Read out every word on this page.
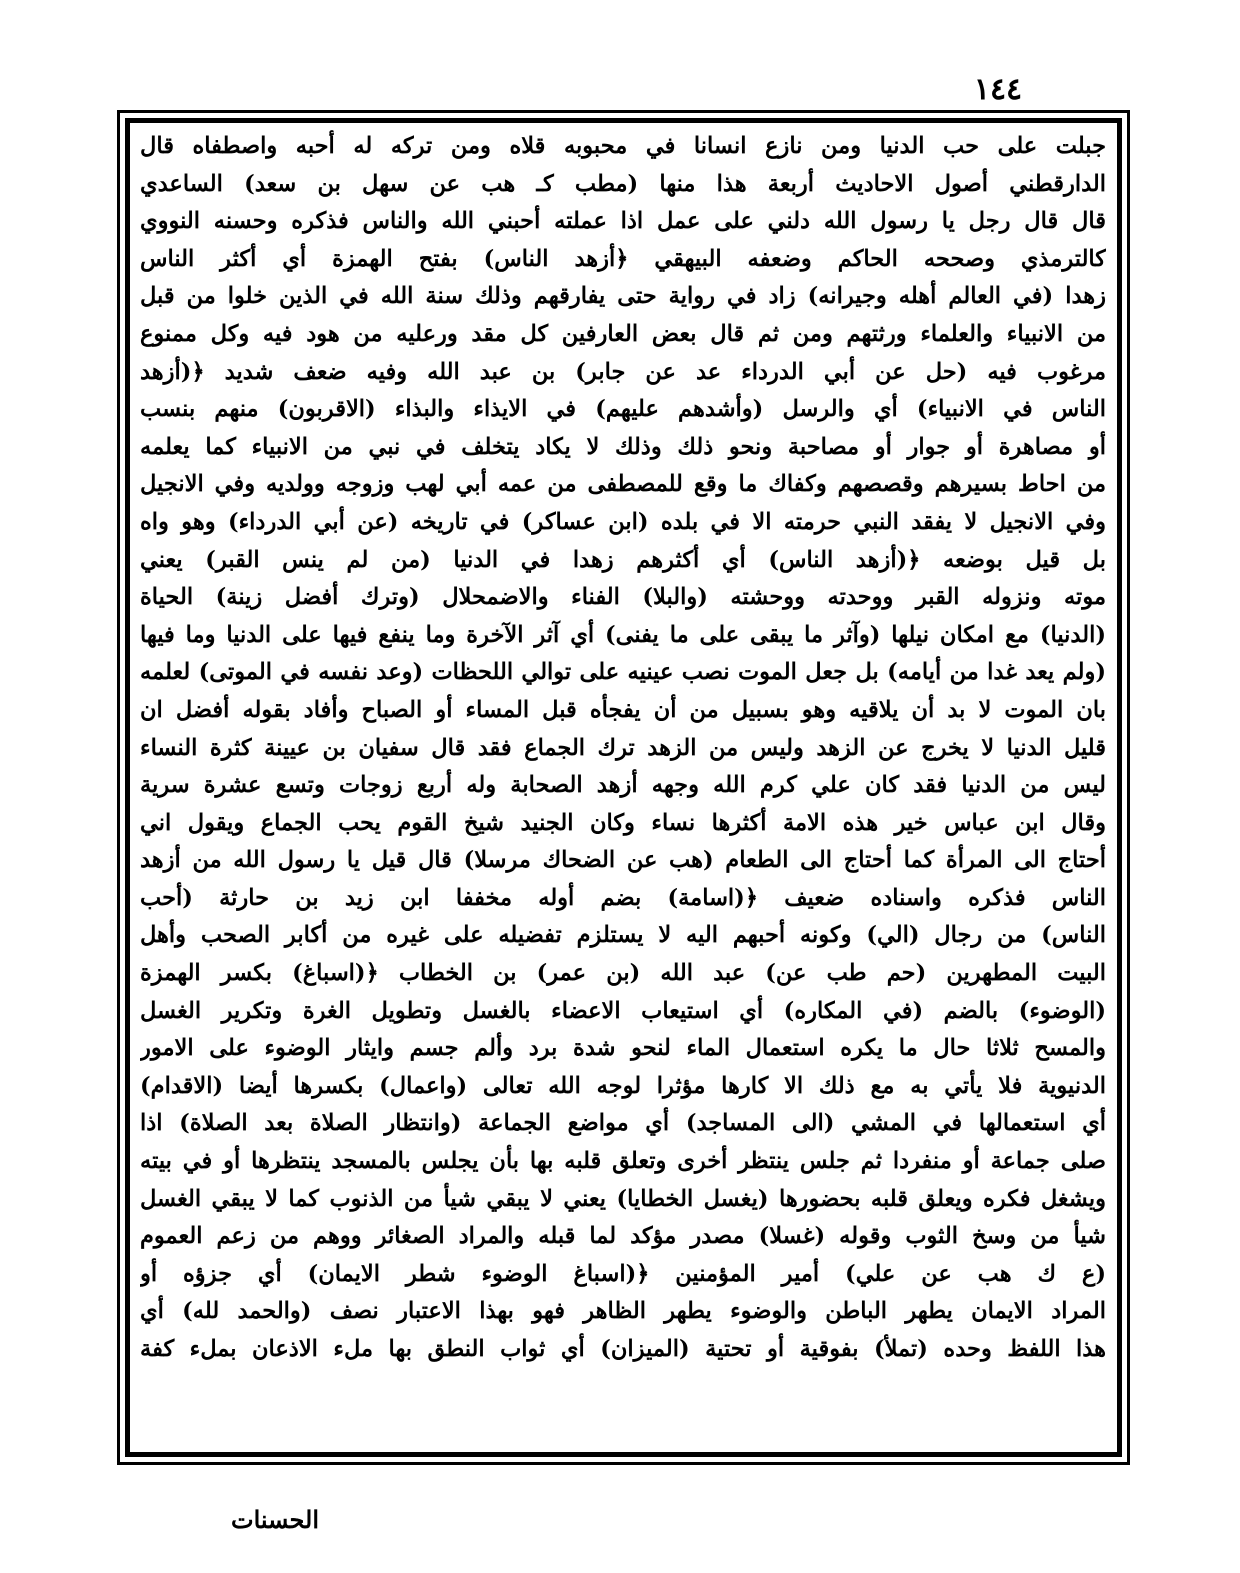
١٤٤
جبلت على حب الدنيا ومن نازع انسانا في محبوبه قلاه ومن تركه له أحبه واصطفاه قال
الدارقطني أصول الاحاديث أربعة هذا منها (مطب كـ هب عن سهل بن سعد) الساعدي
قال قال رجل يا رسول الله دلني على عمل اذا عملته أحبني الله والناس فذكره وحسنه النووي
كالترمذي وصححه الحاكم وضعفه البيهقي ﴿أزهد الناس) بفتح الهمزة أي أكثر الناس
زهدا (في العالم أهله وجيرانه) زاد في رواية حتى يفارقهم وذلك سنة الله في الذين خلوا من قبل
من الانبياء والعلماء ورثتهم ومن ثم قال بعض العارفين كل مقد ورعليه من هود فيه وكل ممنوع
مرغوب فيه (حل عن أبي الدرداء عد عن جابر) بن عبد الله وفيه ضعف شديد ﴿(أزهد
الناس في الانبياء) أي والرسل (وأشدهم عليهم) في الايذاء والبذاء (الاقربون) منهم بنسب
أو مصاهرة أو جوار أو مصاحبة ونحو ذلك وذلك لا يكاد يتخلف في نبي من الانبياء كما يعلمه
من احاط بسيرهم وقصصهم وكفاك ما وقع للمصطفى من عمه أبي لهب وزوجه وولديه وفي الانجيل
وفي الانجيل لا يفقد النبي حرمته الا في بلده (ابن عساكر) في تاريخه (عن أبي الدرداء) وهو واه
بل قيل بوضعه ﴿(أزهد الناس) أي أكثرهم زهدا في الدنيا (من لم ينس القبر) يعني
موته ونزوله القبر ووحدته ووحشته (والبلا) الفناء والاضمحلال (وترك أفضل زينة) الحياة
(الدنيا) مع امكان نيلها (وآثر ما يبقى على ما يفنى) أي آثر الآخرة وما ينفع فيها على الدنيا وما فيها
(ولم يعد غدا من أيامه) بل جعل الموت نصب عينيه على توالي اللحظات (وعد نفسه في الموتى) لعلمه
بان الموت لا بد أن يلاقيه وهو بسبيل من أن يفجأه قبل المساء أو الصباح وأفاد بقوله أفضل ان
قليل الدنيا لا يخرج عن الزهد وليس من الزهد ترك الجماع فقد قال سفيان بن عيينة كثرة النساء
ليس من الدنيا فقد كان علي كرم الله وجهه أزهد الصحابة وله أربع زوجات وتسع عشرة سرية
وقال ابن عباس خير هذه الامة أكثرها نساء وكان الجنيد شيخ القوم يحب الجماع ويقول اني
أحتاج الى المرأة كما أحتاج الى الطعام (هب عن الضحاك مرسلا) قال قيل يا رسول الله من أزهد
الناس فذكره واسناده ضعيف ﴿(اسامة) بضم أوله مخففا ابن زيد بن حارثة (أحب
الناس) من رجال (الي) وكونه أحبهم اليه لا يستلزم تفضيله على غيره من أكابر الصحب وأهل
البيت المطهرين (حم طب عن) عبد الله (بن عمر) بن الخطاب ﴿(اسباغ) بكسر الهمزة
(الوضوء) بالضم (في المكاره) أي استيعاب الاعضاء بالغسل وتطويل الغرة وتكرير الغسل
والمسح ثلاثا حال ما يكره استعمال الماء لنحو شدة برد وألم جسم وايثار الوضوء على الامور
الدنيوية فلا يأتي به مع ذلك الا كارها مؤثرا لوجه الله تعالى (واعمال) بكسرها أيضا (الاقدام)
أي استعمالها في المشي (الى المساجد) أي مواضع الجماعة (وانتظار الصلاة بعد الصلاة) اذا
صلى جماعة أو منفردا ثم جلس ينتظر أخرى وتعلق قلبه بها بأن يجلس بالمسجد ينتظرها أو في بيته
ويشغل فكره ويعلق قلبه بحضورها (يغسل الخطايا) يعني لا يبقي شيأ من الذنوب كما لا يبقي الغسل
شيأ من وسخ الثوب وقوله (غسلا) مصدر مؤكد لما قبله والمراد الصغائر ووهم من زعم العموم
(ع ك هب عن علي) أمير المؤمنين ﴿(اسباغ الوضوء شطر الايمان) أي جزؤه أو
المراد الايمان يطهر الباطن والوضوء يطهر الظاهر فهو بهذا الاعتبار نصف (والحمد لله) أي
هذا اللفظ وحده (تملأ) بفوقية أو تحتية (الميزان) أي ثواب النطق بها ملء الاذعان بملء كفة
الحسنات
